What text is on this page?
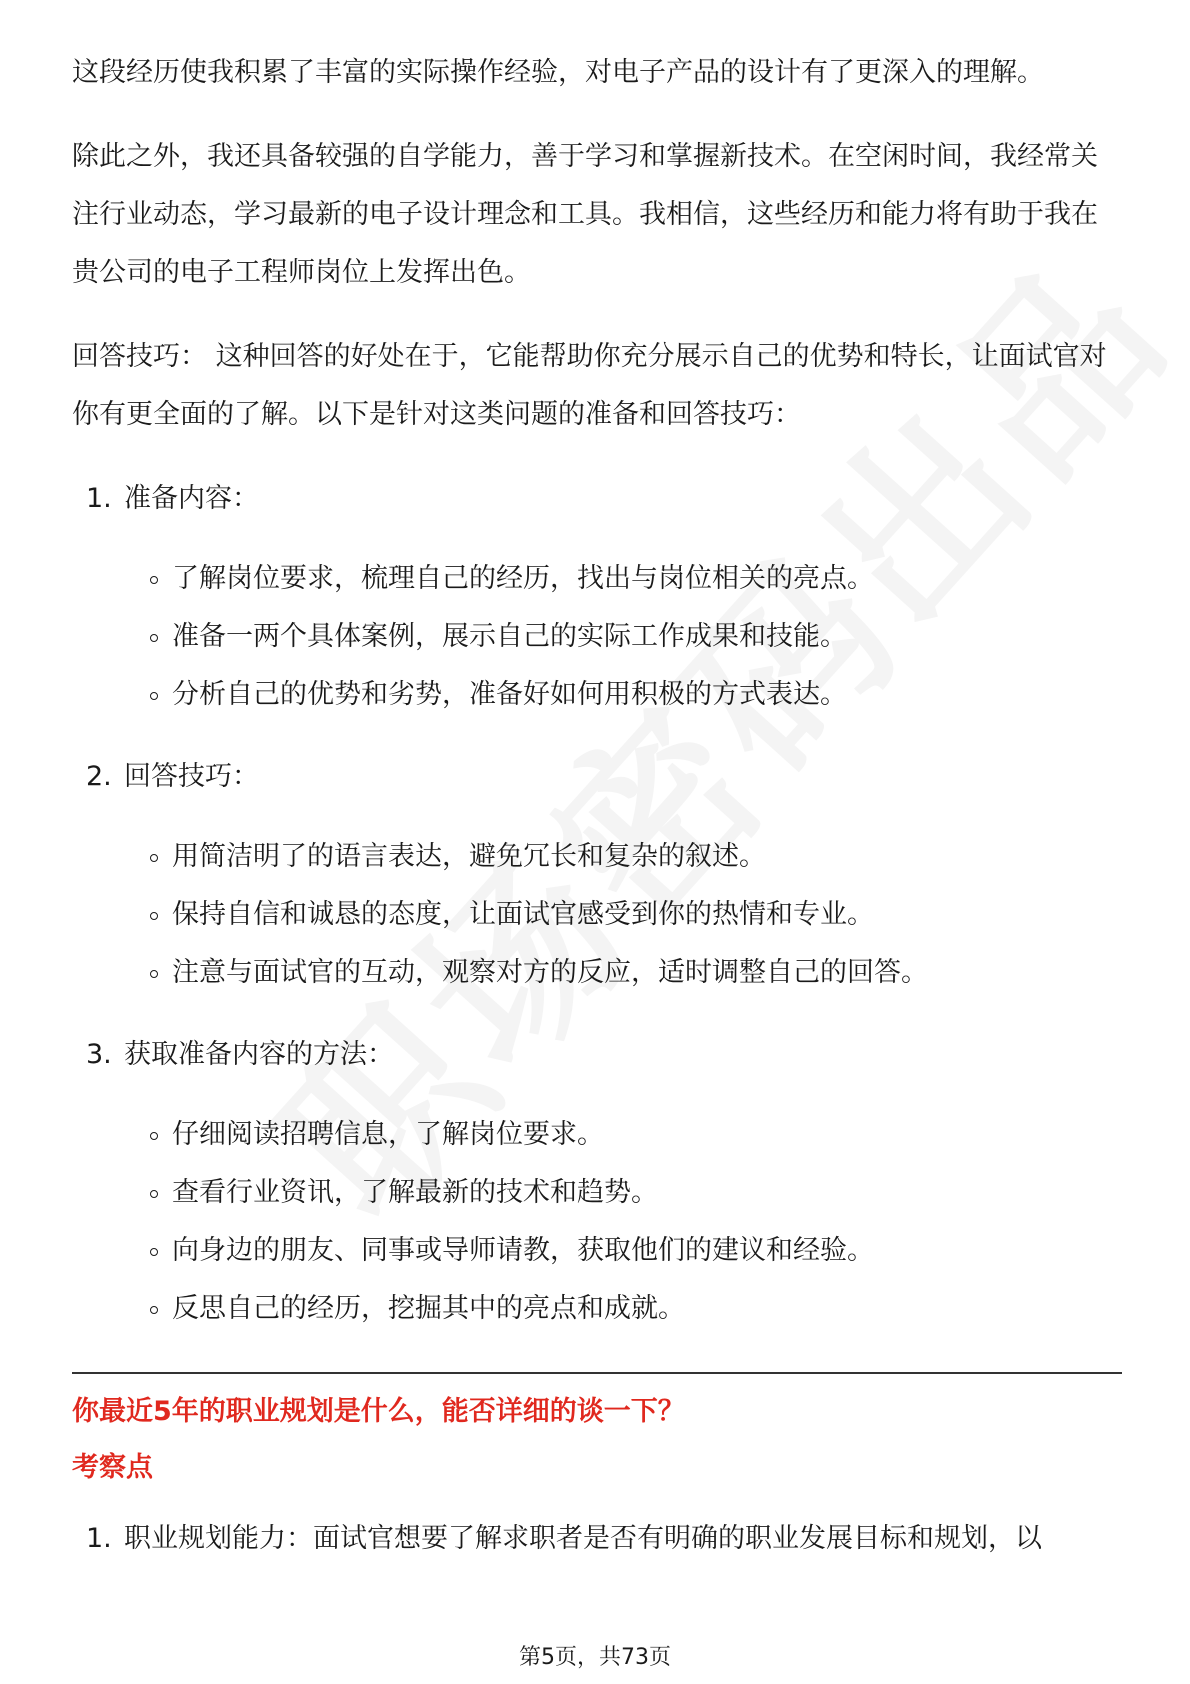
这段经历使我积累了丰富的实际操作经验，对电子产品的设计有了更深入的理解。

除此之外，我还具备较强的自学能力，善于学习和掌握新技术。在空闲时间，我经常关注行业动态，学习最新的电子设计理念和工具。我相信，这些经历和能力将有助于我在贵公司的电子工程师岗位上发挥出色。

回答技巧： 这种回答的好处在于，它能帮助你充分展示自己的优势和特长，让面试官对你有更全面的了解。以下是针对这类问题的准备和回答技巧：

1. 准备内容：
了解岗位要求，梳理自己的经历，找出与岗位相关的亮点。
准备一两个具体案例，展示自己的实际工作成果和技能。
分析自己的优势和劣势，准备好如何用积极的方式表达。
2. 回答技巧：
用简洁明了的语言表达，避免冗长和复杂的叙述。
保持自信和诚恳的态度，让面试官感受到你的热情和专业。
注意与面试官的互动，观察对方的反应，适时调整自己的回答。
3. 获取准备内容的方法：
仔细阅读招聘信息，了解岗位要求。
查看行业资讯，了解最新的技术和趋势。
向身边的朋友、同事或导师请教，获取他们的建议和经验。
反思自己的经历，挖掘其中的亮点和成就。

你最近5年的职业规划是什么，能否详细的谈一下？

考察点

1. 职业规划能力：面试官想要了解求职者是否有明确的职业发展目标和规划，以
第5页，共73页
